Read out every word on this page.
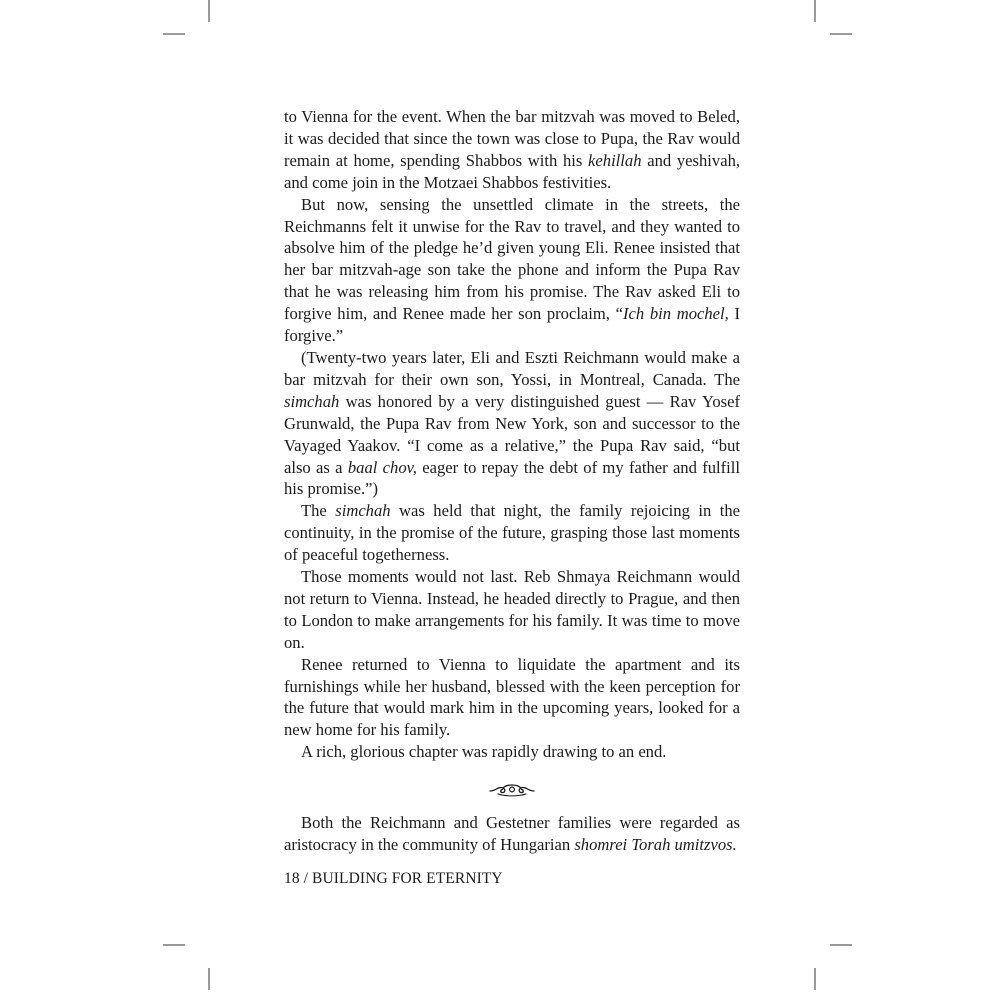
to Vienna for the event. When the bar mitzvah was moved to Beled, it was decided that since the town was close to Pupa, the Rav would remain at home, spending Shabbos with his kehillah and yeshivah, and come join in the Motzaei Shabbos festivities.

But now, sensing the unsettled climate in the streets, the Reichmanns felt it unwise for the Rav to travel, and they wanted to absolve him of the pledge he’d given young Eli. Renee insisted that her bar mitzvah-age son take the phone and inform the Pupa Rav that he was releasing him from his promise. The Rav asked Eli to forgive him, and Renee made her son proclaim, “Ich bin mochel, I forgive.”

(Twenty-two years later, Eli and Eszti Reichmann would make a bar mitzvah for their own son, Yossi, in Montreal, Canada. The simchah was honored by a very distinguished guest — Rav Yosef Grunwald, the Pupa Rav from New York, son and successor to the Vayaged Yaakov. “I come as a relative,” the Pupa Rav said, “but also as a baal chov, eager to repay the debt of my father and fulfill his promise.”)

The simchah was held that night, the family rejoicing in the continuity, in the promise of the future, grasping those last moments of peaceful togetherness.

Those moments would not last. Reb Shmaya Reichmann would not return to Vienna. Instead, he headed directly to Prague, and then to London to make arrangements for his family. It was time to move on.

Renee returned to Vienna to liquidate the apartment and its furnishings while her husband, blessed with the keen perception for the future that would mark him in the upcoming years, looked for a new home for his family.

A rich, glorious chapter was rapidly drawing to an end.

Both the Reichmann and Gestetner families were regarded as aristocracy in the community of Hungarian shomrei Torah umitzvos.

18 / BUILDING FOR ETERNITY
